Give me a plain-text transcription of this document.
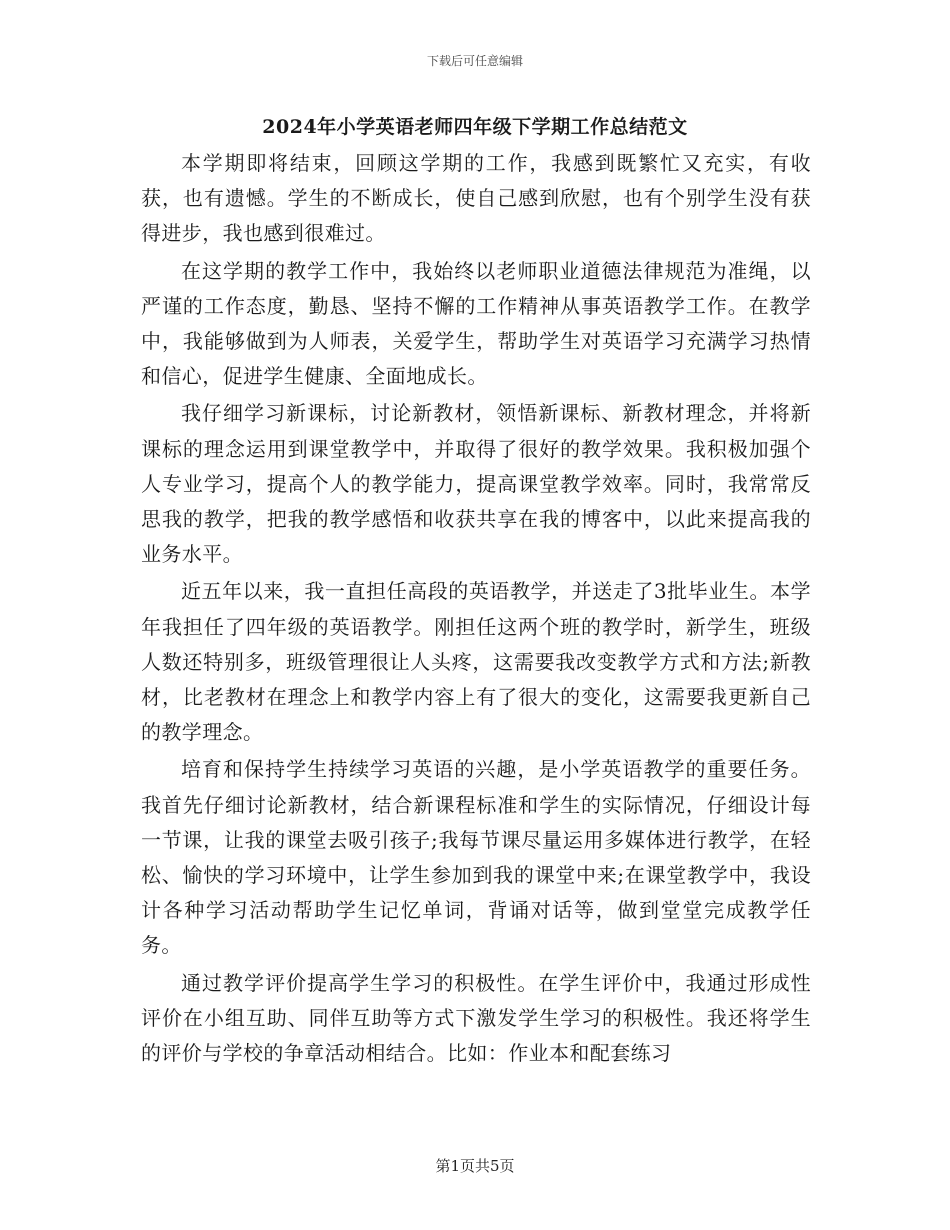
下载后可任意编辑
2024年小学英语老师四年级下学期工作总结范文

本学期即将结束，回顾这学期的工作，我感到既繁忙又充实，有收获，也有遗憾。学生的不断成长，使自己感到欣慰，也有个别学生没有获得进步，我也感到很难过。

在这学期的教学工作中，我始终以老师职业道德法律规范为准绳，以严谨的工作态度，勤恳、坚持不懈的工作精神从事英语教学工作。在教学中，我能够做到为人师表，关爱学生，帮助学生对英语学习充满学习热情和信心，促进学生健康、全面地成长。

我仔细学习新课标，讨论新教材，领悟新课标、新教材理念，并将新课标的理念运用到课堂教学中，并取得了很好的教学效果。我积极加强个人专业学习，提高个人的教学能力，提高课堂教学效率。同时，我常常反思我的教学，把我的教学感悟和收获共享在我的博客中，以此来提高我的业务水平。

近五年以来，我一直担任高段的英语教学，并送走了3批毕业生。本学年我担任了四年级的英语教学。刚担任这两个班的教学时，新学生，班级人数还特别多，班级管理很让人头疼，这需要我改变教学方式和方法;新教材，比老教材在理念上和教学内容上有了很大的变化，这需要我更新自己的教学理念。

培育和保持学生持续学习英语的兴趣，是小学英语教学的重要任务。我首先仔细讨论新教材，结合新课程标准和学生的实际情况，仔细设计每一节课，让我的课堂去吸引孩子;我每节课尽量运用多媒体进行教学，在轻松、愉快的学习环境中，让学生参加到我的课堂中来;在课堂教学中，我设计各种学习活动帮助学生记忆单词，背诵对话等，做到堂堂完成教学任务。

通过教学评价提高学生学习的积极性。在学生评价中，我通过形成性评价在小组互助、同伴互助等方式下激发学生学习的积极性。我还将学生的评价与学校的争章活动相结合。比如：作业本和配套练习

第1页共5页
